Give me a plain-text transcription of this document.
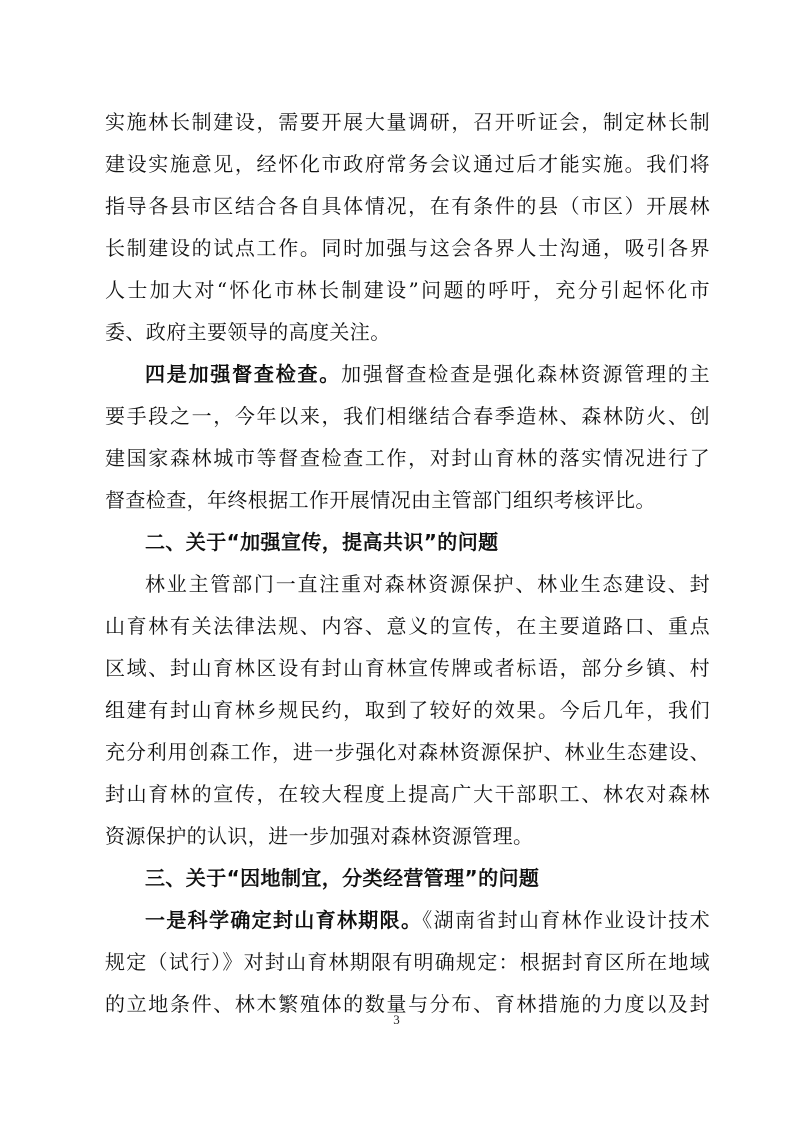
实施林长制建设，需要开展大量调研，召开听证会，制定林长制
建设实施意见，经怀化市政府常务会议通过后才能实施。我们将
指导各县市区结合各自具体情况，在有条件的县（市区）开展林
长制建设的试点工作。同时加强与这会各界人士沟通，吸引各界
人士加大对“怀化市林长制建设”问题的呼吁，充分引起怀化市
委、政府主要领导的高度关注。
四是加强督查检查。加强督查检查是强化森林资源管理的主
要手段之一，今年以来，我们相继结合春季造林、森林防火、创
建国家森林城市等督查检查工作，对封山育林的落实情况进行了
督查检查，年终根据工作开展情况由主管部门组织考核评比。
二、关于“加强宣传，提高共识”的问题
林业主管部门一直注重对森林资源保护、林业生态建设、封
山育林有关法律法规、内容、意义的宣传，在主要道路口、重点
区域、封山育林区设有封山育林宣传牌或者标语，部分乡镇、村
组建有封山育林乡规民约，取到了较好的效果。今后几年，我们
充分利用创森工作，进一步强化对森林资源保护、林业生态建设、
封山育林的宣传，在较大程度上提高广大干部职工、林农对森林
资源保护的认识，进一步加强对森林资源管理。
三、关于“因地制宜，分类经营管理”的问题
一是科学确定封山育林期限。《湖南省封山育林作业设计技术
规定（试行）》对封山育林期限有明确规定：根据封育区所在地域
的立地条件、林木繁殖体的数量与分布、育林措施的力度以及封
3
